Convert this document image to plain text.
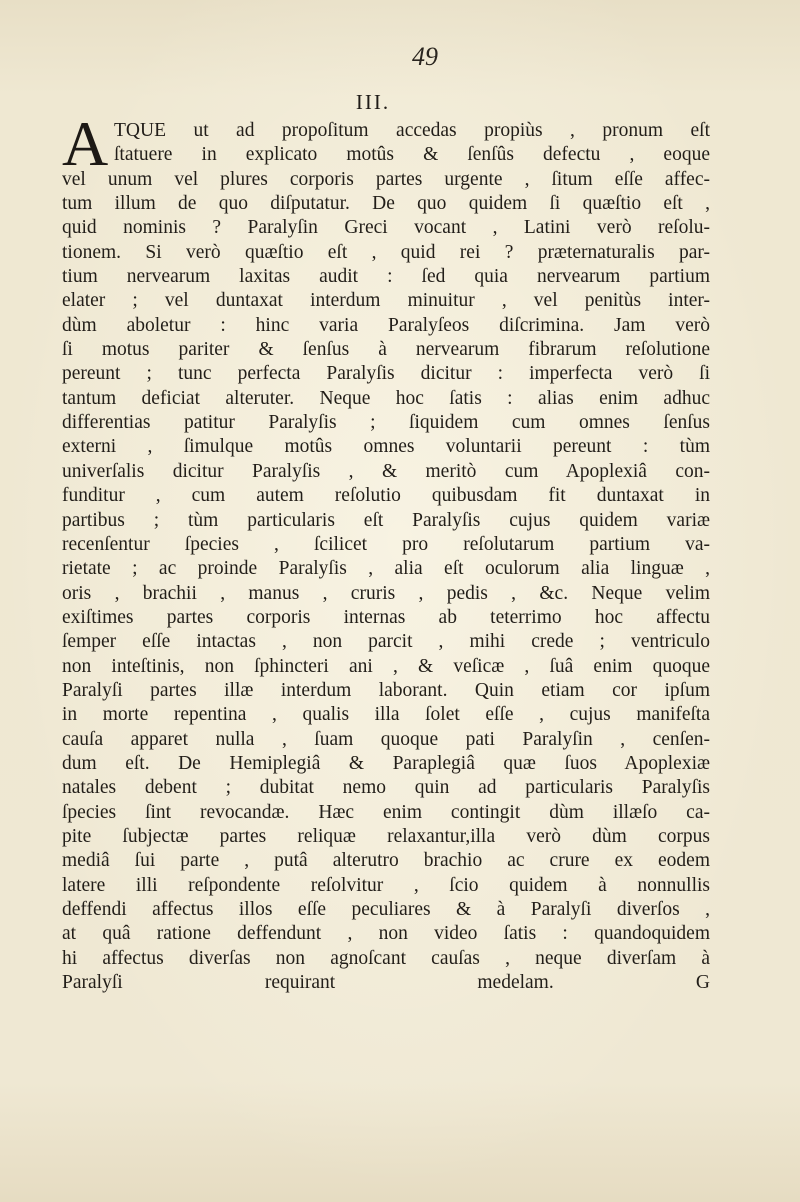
49
III.
A TQUE ut ad propoſitum accedas propiùs , pronum eſt
ſtatuere in explicato motûs & ſenſûs defectu , eoque
vel unum vel plures corporis partes urgente , ſitum eſſe affec-
tum illum de quo diſputatur. De quo quidem ſi quæſtio eſt ,
quid nominis ? Paralyſin Greci vocant , Latini verò reſolu-
tionem. Si verò quæſtio eſt , quid rei ? præternaturalis par-
tium nervearum laxitas audit : ſed quia nervearum partium
elater ; vel duntaxat interdum minuitur , vel penitùs inter-
dùm aboletur : hinc varia Paralyſeos diſcrimina. Jam verò
ſi motus pariter & ſenſus à nervearum fibrarum reſolutione
pereunt ; tunc perfecta Paralyſis dicitur : imperfecta verò ſi
tantum deficiat alteruter. Neque hoc ſatis : alias enim adhuc
differentias patitur Paralyſis ; ſiquidem cum omnes ſenſus
externi , ſimulque motûs omnes voluntarii pereunt : tùm
univerſalis dicitur Paralyſis , & meritò cum Apoplexiâ con-
funditur , cum autem reſolutio quibusdam fit duntaxat in
partibus ; tùm particularis eſt Paralyſis cujus quidem variæ
recenſentur ſpecies , ſcilicet pro reſolutarum partium va-
rietate ; ac proinde Paralyſis , alia eſt oculorum alia linguæ ,
oris , brachii , manus , cruris , pedis , &c. Neque velim
exiſtimes partes corporis internas ab teterrimo hoc affectu
ſemper eſſe intactas , non parcit , mihi crede ; ventriculo
non inteſtinis, non ſphincteri ani , & veſicæ , ſuâ enim quoque
Paralyſi partes illæ interdum laborant. Quin etiam cor ipſum
in morte repentina , qualis illa ſolet eſſe , cujus manifeſta
cauſa apparet nulla , ſuam quoque pati Paralyſin , cenſen-
dum eſt. De Hemiplegiâ & Paraplegiâ quæ ſuos Apoplexiæ
natales debent ; dubitat nemo quin ad particularis Paralyſis
ſpecies ſint revocandæ. Hæc enim contingit dùm illæſo ca-
pite ſubjectæ partes reliquæ relaxantur,illa verò dùm corpus
mediâ ſui parte , putâ alterutro brachio ac crure ex eodem
latere illi reſpondente reſolvitur , ſcio quidem à nonnullis
deffendi affectus illos eſſe peculiares & à Paralyſi diverſos ,
at quâ ratione deffendunt , non video ſatis : quandoquidem
hi affectus diverſas non agnoſcant cauſas , neque diverſam à
Paralyſi requirant medelam.	G
